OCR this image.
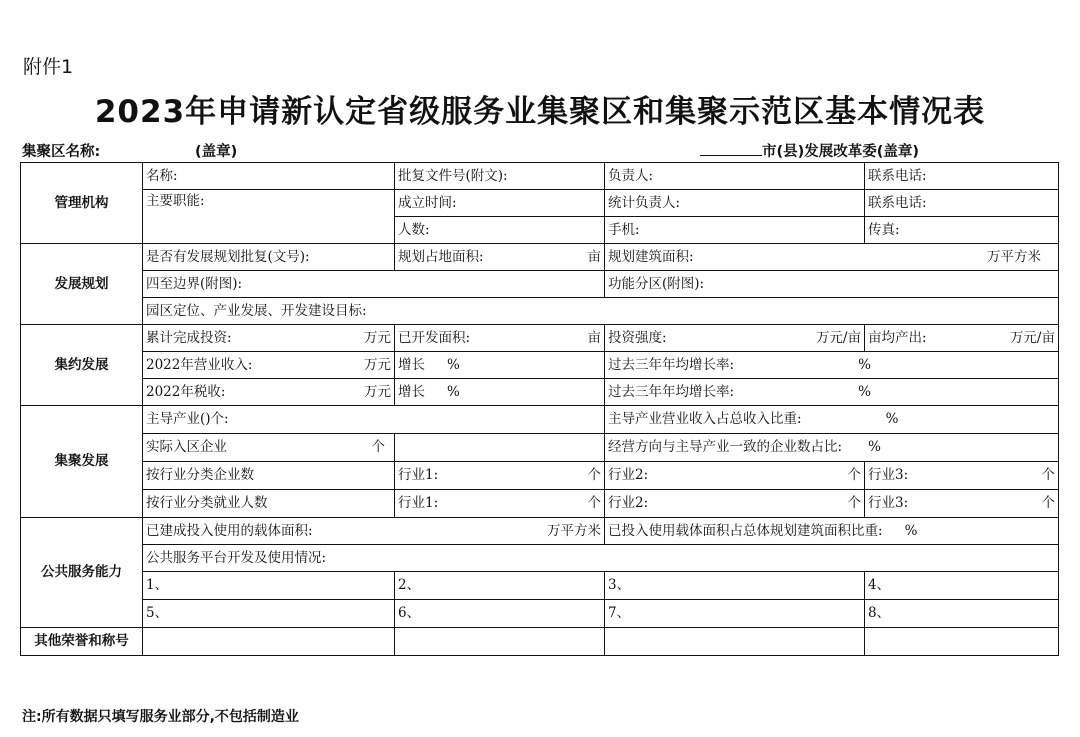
附件1
2023年申请新认定省级服务业集聚区和集聚示范区基本情况表
集聚区名称:	(盖章)	市(县)发展改革委(盖章)
管理机构	名称:	批复文件号(附文):	负责人:	联系电话:
	主要职能:	成立时间:	统计负责人:	联系电话:
		人数:	手机:	传真:
发展规划	是否有发展规划批复(文号):	规划占地面积: 亩	规划建筑面积: 万平方米	

	四至边界(附图):		功能分区(附图):	
	园区定位、产业发展、开发建设目标:			
集约发展	累计完成投资: 万元	已开发面积: 亩	投资强度: 万元/亩	亩均产出: 万元/亩

	2022年营业收入: 万元	增长 %	过去三年年均增长率: %	

	2022年税收: 万元	增长 %	过去三年年均增长率: %	
集聚发展	主导产业()个:		主导产业营业收入占总收入比重: %	

	实际入区企业 个		经营方向与主导产业一致的企业数占比: %	
	按行业分类企业数	行业1: 个	行业2: 个	行业3: 个

	按行业分类就业人数	行业1: 个	行业2: 个	行业3: 个

公共服务能力	已建成投入使用的载体面积: 万平方米		已投入使用载体面积占总体规划建筑面积比重: %	
	公共服务平台开发及使用情况:			
	1、	2、	3、	4、
	5、	6、	7、	8、
其他荣誉和称号				
注:所有数据只填写服务业部分,不包括制造业
